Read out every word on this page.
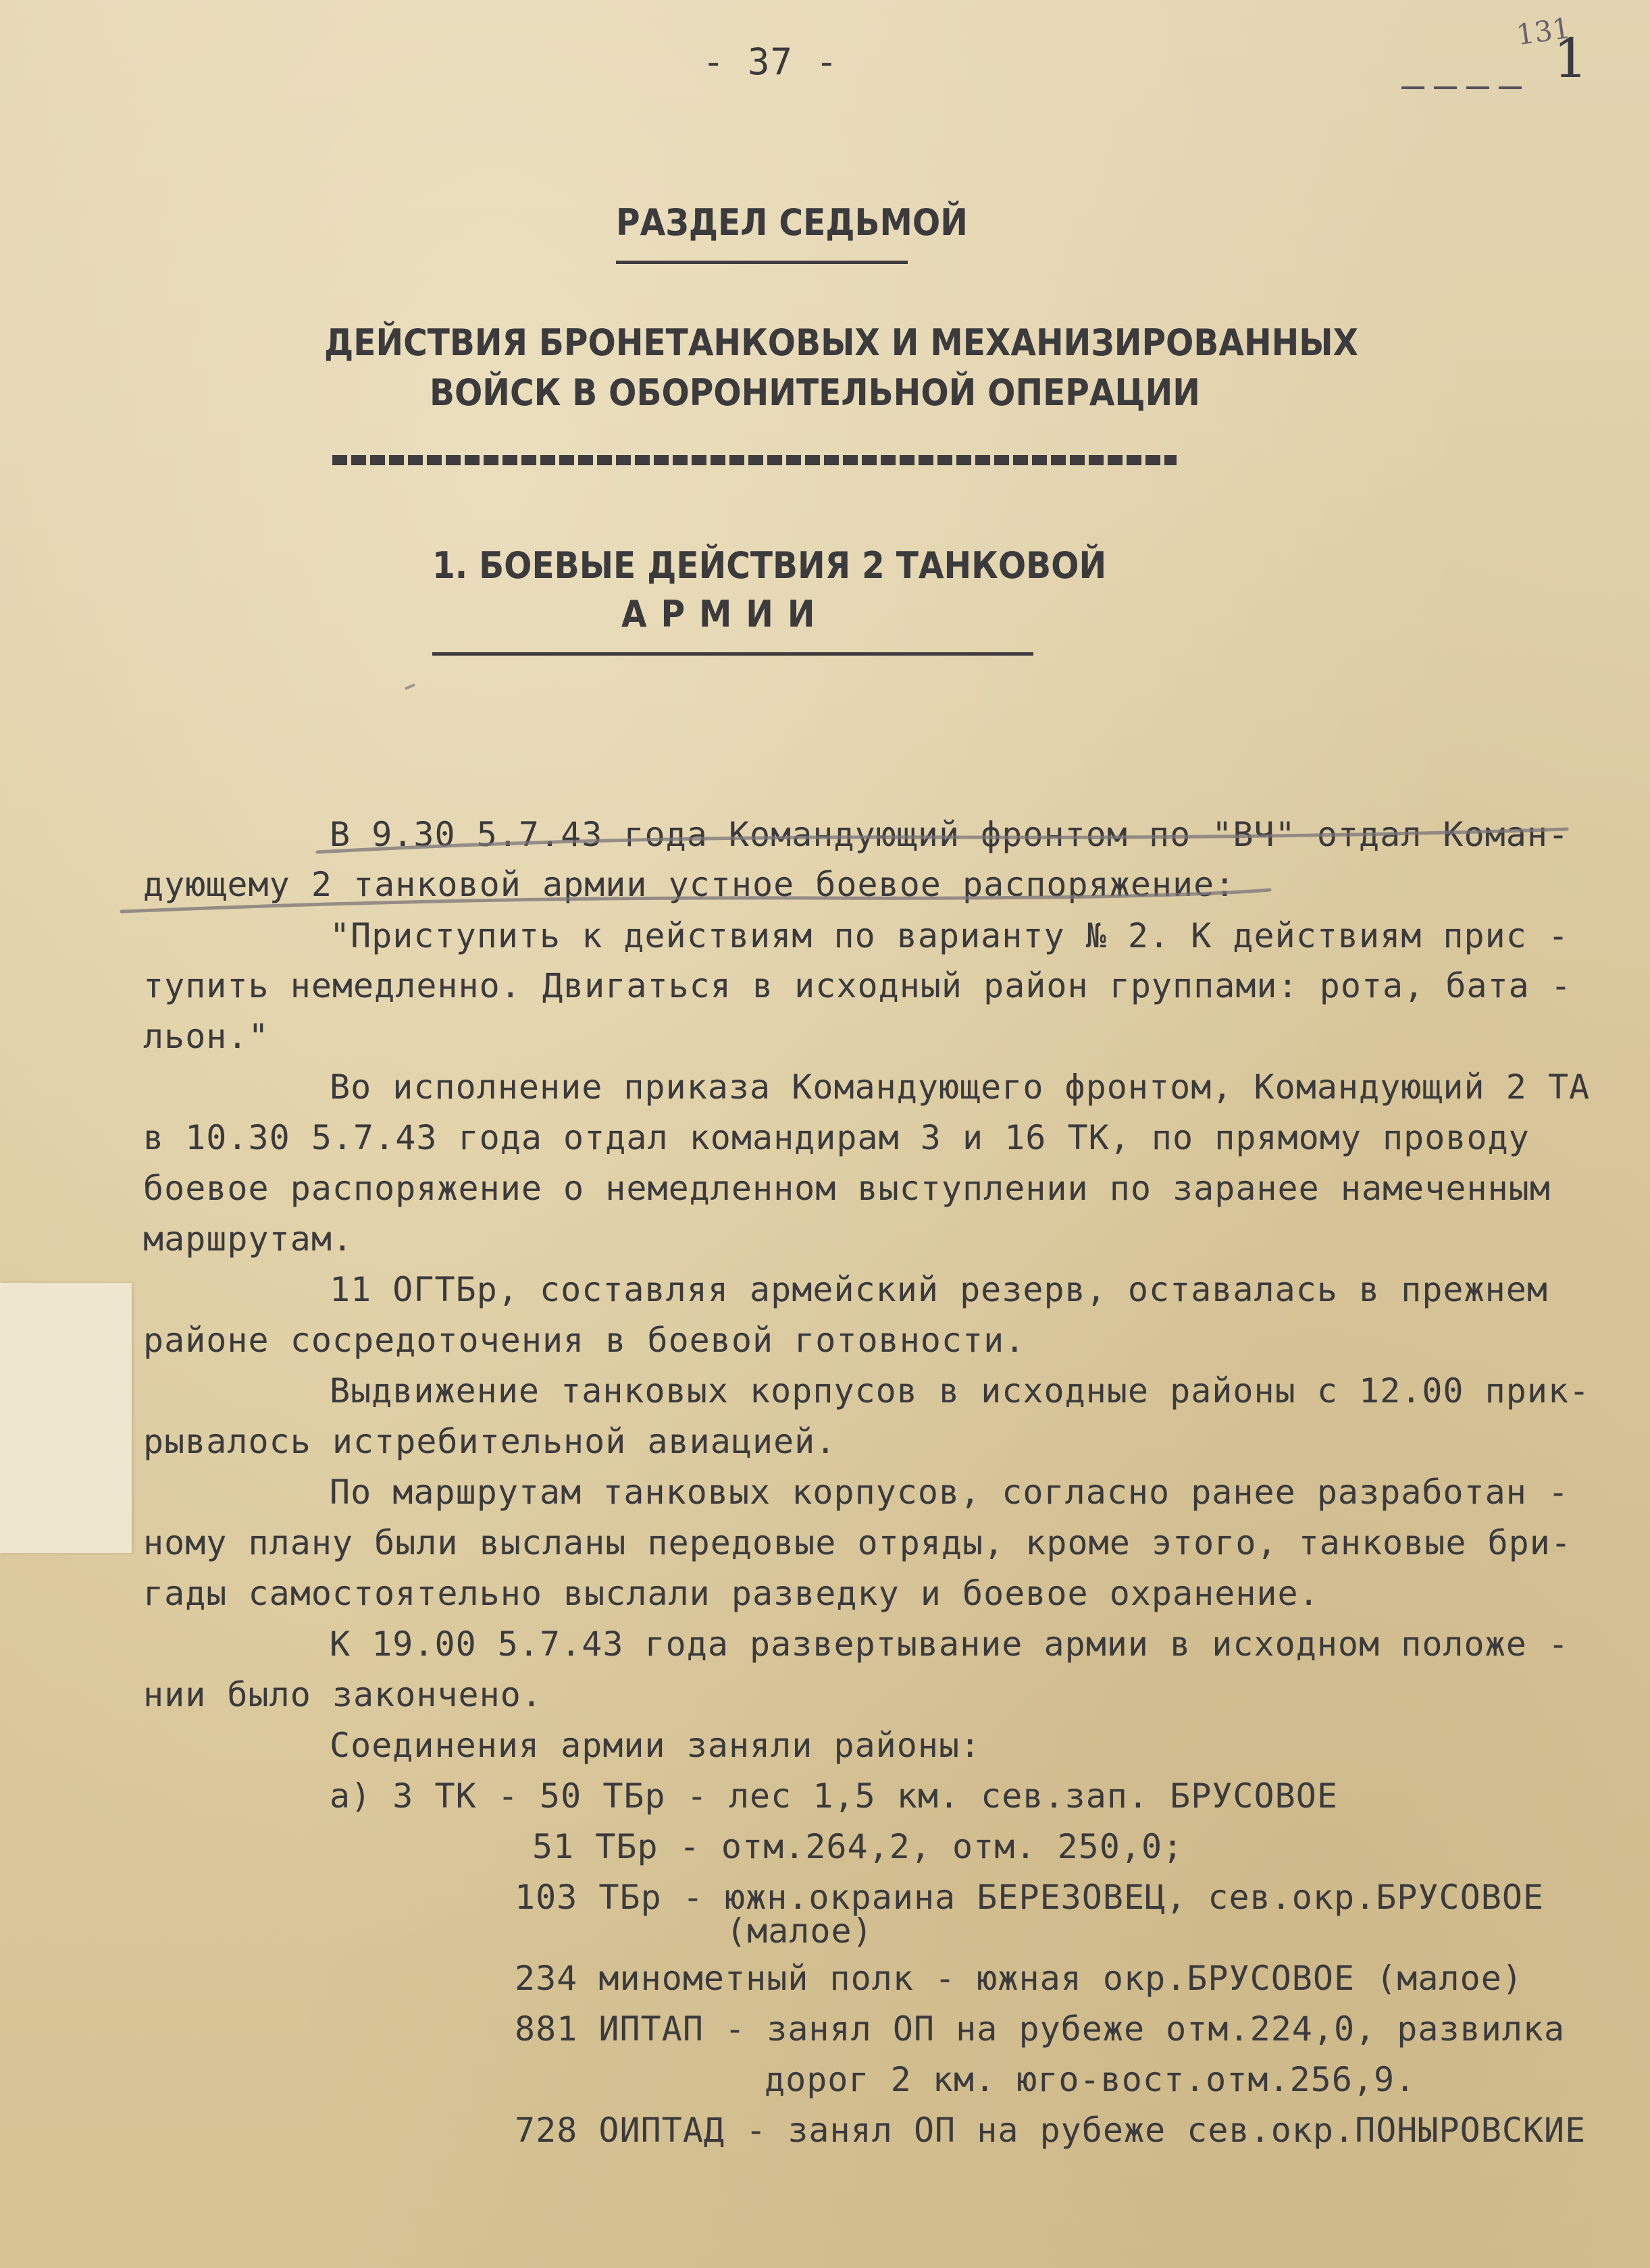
- 37 -	1
131
РАЗДЕЛ СЕДЬМОЙ
ДЕЙСТВИЯ БРОНЕТАНКОВЫХ И МЕХАНИЗИРОВАННЫХ
ВОЙСК В ОБОРОНИТЕЛЬНОЙ ОПЕРАЦИИ
1. БОЕВЫЕ ДЕЙСТВИЯ 2 ТАНКОВОЙ
А Р М И И
В 9.30 5.7.43 года Командующий фронтом по "ВЧ" отдал Коман-
дующему 2 танковой армии устное боевое распоряжение:
"Приступить к действиям по варианту № 2. К действиям прис -
тупить немедленно. Двигаться в исходный район группами: рота, бата -
льон."
Во исполнение приказа Командующего фронтом, Командующий 2 ТА
в 10.30 5.7.43 года отдал командирам 3 и 16 ТК, по прямому проводу
боевое распоряжение о немедленном выступлении по заранее намеченным
маршрутам.
11 ОГТБр, составляя армейский резерв, оставалась в прежнем
районе сосредоточения в боевой готовности.
Выдвижение танковых корпусов в исходные районы с 12.00 прик-
рывалось истребительной авиацией.
По маршрутам танковых корпусов, согласно ранее разработан -
ному плану были высланы передовые отряды, кроме этого, танковые бри-
гады самостоятельно выслали разведку и боевое охранение.
К 19.00 5.7.43 года развертывание армии в исходном положе -
нии было закончено.
Соединения армии заняли районы:
а) 3 ТК - 50 ТБр - лес 1,5 км. сев.зап. БРУСОВОЕ
51 ТБр - отм.264,2, отм. 250,0;
103 ТБр - южн.окраина БЕРЕЗОВЕЦ, сев.окр.БРУСОВОЕ
(малое)
234 минометный полк - южная окр.БРУСОВОЕ (малое)
881 ИПТАП - занял ОП на рубеже отм.224,0, развилка
дорог 2 км. юго-вост.отм.256,9.
728 ОИПТАД - занял ОП на рубеже сев.окр.ПОНЫРОВСКИЕ
